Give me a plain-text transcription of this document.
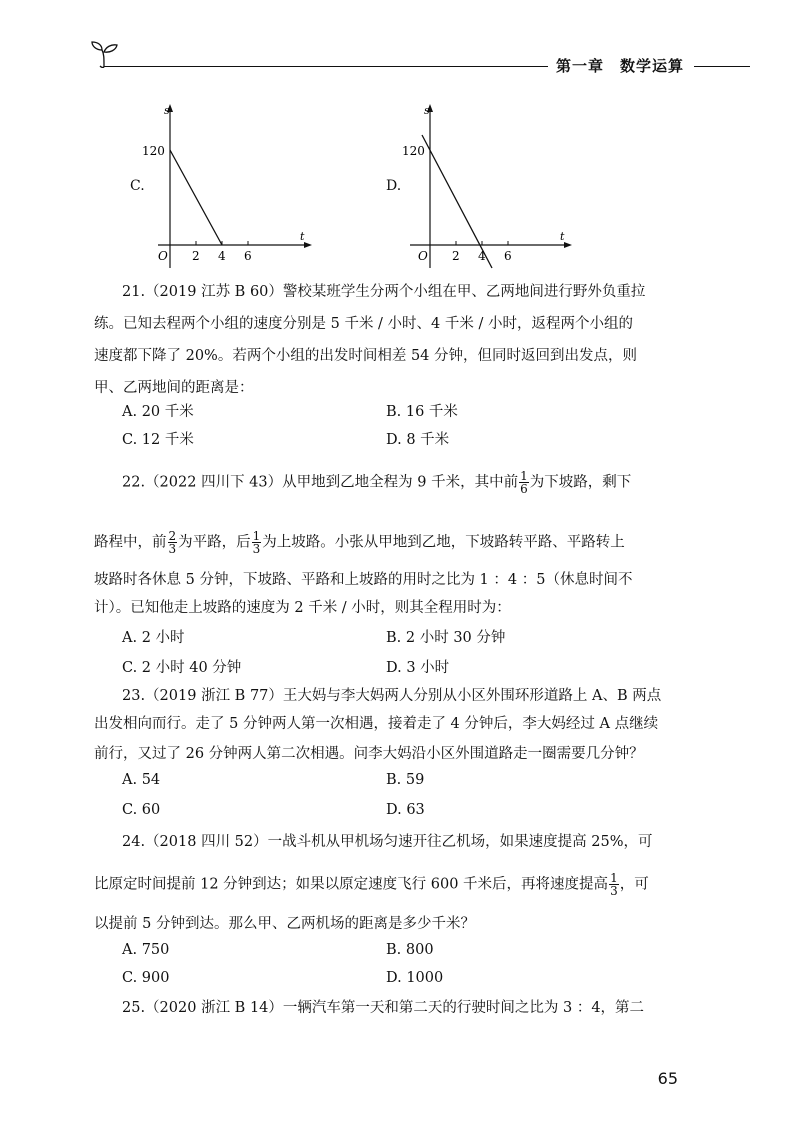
第一章　数学运算
C.
s
t
O
120
2 4 6
D.
s
t
O
120
2 4 6
21.（2019 江苏 B 60）警校某班学生分两个小组在甲、乙两地间进行野外负重拉
练。已知去程两个小组的速度分别是 5 千米 / 小时、4 千米 / 小时，返程两个小组的
速度都下降了 20%。若两个小组的出发时间相差 54 分钟，但同时返回到出发点，则
甲、乙两地间的距离是：
A. 20 千米	B. 16 千米
C. 12 千米	D. 8 千米
22.（2022 四川下 43）从甲地到乙地全程为 9 千米，其中前 $\frac{1}{6}$ 为下坡路，剩下
路程中，前 $\frac{2}{3}$ 为平路，后 $\frac{1}{3}$ 为上坡路。小张从甲地到乙地，下坡路转平路、平路转上
坡路时各休息 5 分钟，下坡路、平路和上坡路的用时之比为 1 ：4 ：5（休息时间不
计）。已知他走上坡路的速度为 2 千米 / 小时，则其全程用时为：
A. 2 小时	B. 2 小时 30 分钟
C. 2 小时 40 分钟	D. 3 小时
23.（2019 浙江 B 77）王大妈与李大妈两人分别从小区外围环形道路上 A、B 两点
出发相向而行。走了 5 分钟两人第一次相遇，接着走了 4 分钟后，李大妈经过 A 点继续
前行，又过了 26 分钟两人第二次相遇。问李大妈沿小区外围道路走一圈需要几分钟？
A. 54	B. 59
C. 60	D. 63
24.（2018 四川 52）一战斗机从甲机场匀速开往乙机场，如果速度提高 25%，可
比原定时间提前 12 分钟到达；如果以原定速度飞行 600 千米后，再将速度提高 $\frac{1}{3}$ ，可
以提前 5 分钟到达。那么甲、乙两机场的距离是多少千米？
A. 750	B. 800
C. 900	D. 1000
25.（2020 浙江 B 14）一辆汽车第一天和第二天的行驶时间之比为 3 ：4，第二
65
